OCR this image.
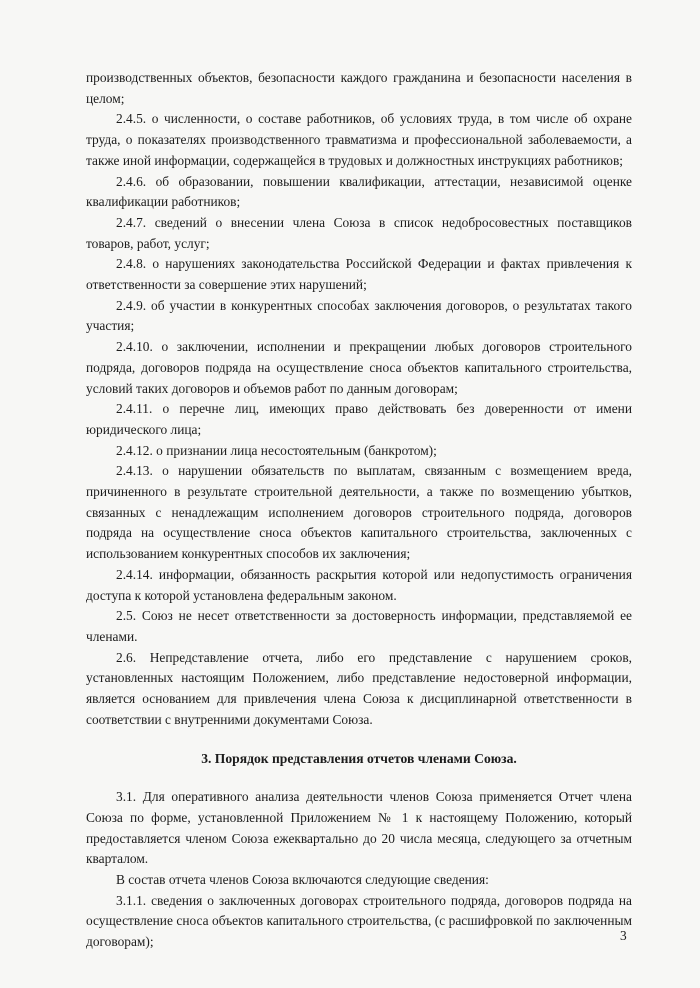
производственных объектов, безопасности каждого гражданина и безопасности населения в целом;

2.4.5. о численности, о составе работников, об условиях труда, в том числе об охране труда, о показателях производственного травматизма и профессиональной заболеваемости, а также иной информации, содержащейся в трудовых и должностных инструкциях работников;

2.4.6. об образовании, повышении квалификации, аттестации, независимой оценке квалификации работников;

2.4.7. сведений о внесении члена Союза в список недобросовестных поставщиков товаров, работ, услуг;

2.4.8. о нарушениях законодательства Российской Федерации и фактах привлечения к ответственности за совершение этих нарушений;

2.4.9. об участии в конкурентных способах заключения договоров, о результатах такого участия;

2.4.10. о заключении, исполнении и прекращении любых договоров строительного подряда, договоров подряда на осуществление сноса объектов капитального строительства, условий таких договоров и объемов работ по данным договорам;

2.4.11. о перечне лиц, имеющих право действовать без доверенности от имени юридического лица;

2.4.12. о признании лица несостоятельным (банкротом);

2.4.13. о нарушении обязательств по выплатам, связанным с возмещением вреда, причиненного в результате строительной деятельности, а также по возмещению убытков, связанных с ненадлежащим исполнением договоров строительного подряда, договоров подряда на осуществление сноса объектов капитального строительства, заключенных с использованием конкурентных способов их заключения;

2.4.14. информации, обязанность раскрытия которой или недопустимость ограничения доступа к которой установлена федеральным законом.

2.5. Союз не несет ответственности за достоверность информации, представляемой ее членами.

2.6. Непредставление отчета, либо его представление с нарушением сроков, установленных настоящим Положением, либо представление недостоверной информации, является основанием для привлечения члена Союза к дисциплинарной ответственности в соответствии с внутренними документами Союза.

3. Порядок представления отчетов членами Союза.

3.1. Для оперативного анализа деятельности членов Союза применяется Отчет члена Союза по форме, установленной Приложением № 1 к настоящему Положению, который предоставляется членом Союза ежеквартально до 20 числа месяца, следующего за отчетным кварталом.

В состав отчета членов Союза включаются следующие сведения:

3.1.1. сведения о заключенных договорах строительного подряда, договоров подряда на осуществление сноса объектов капитального строительства, (с расшифровкой по заключенным договорам);	3
